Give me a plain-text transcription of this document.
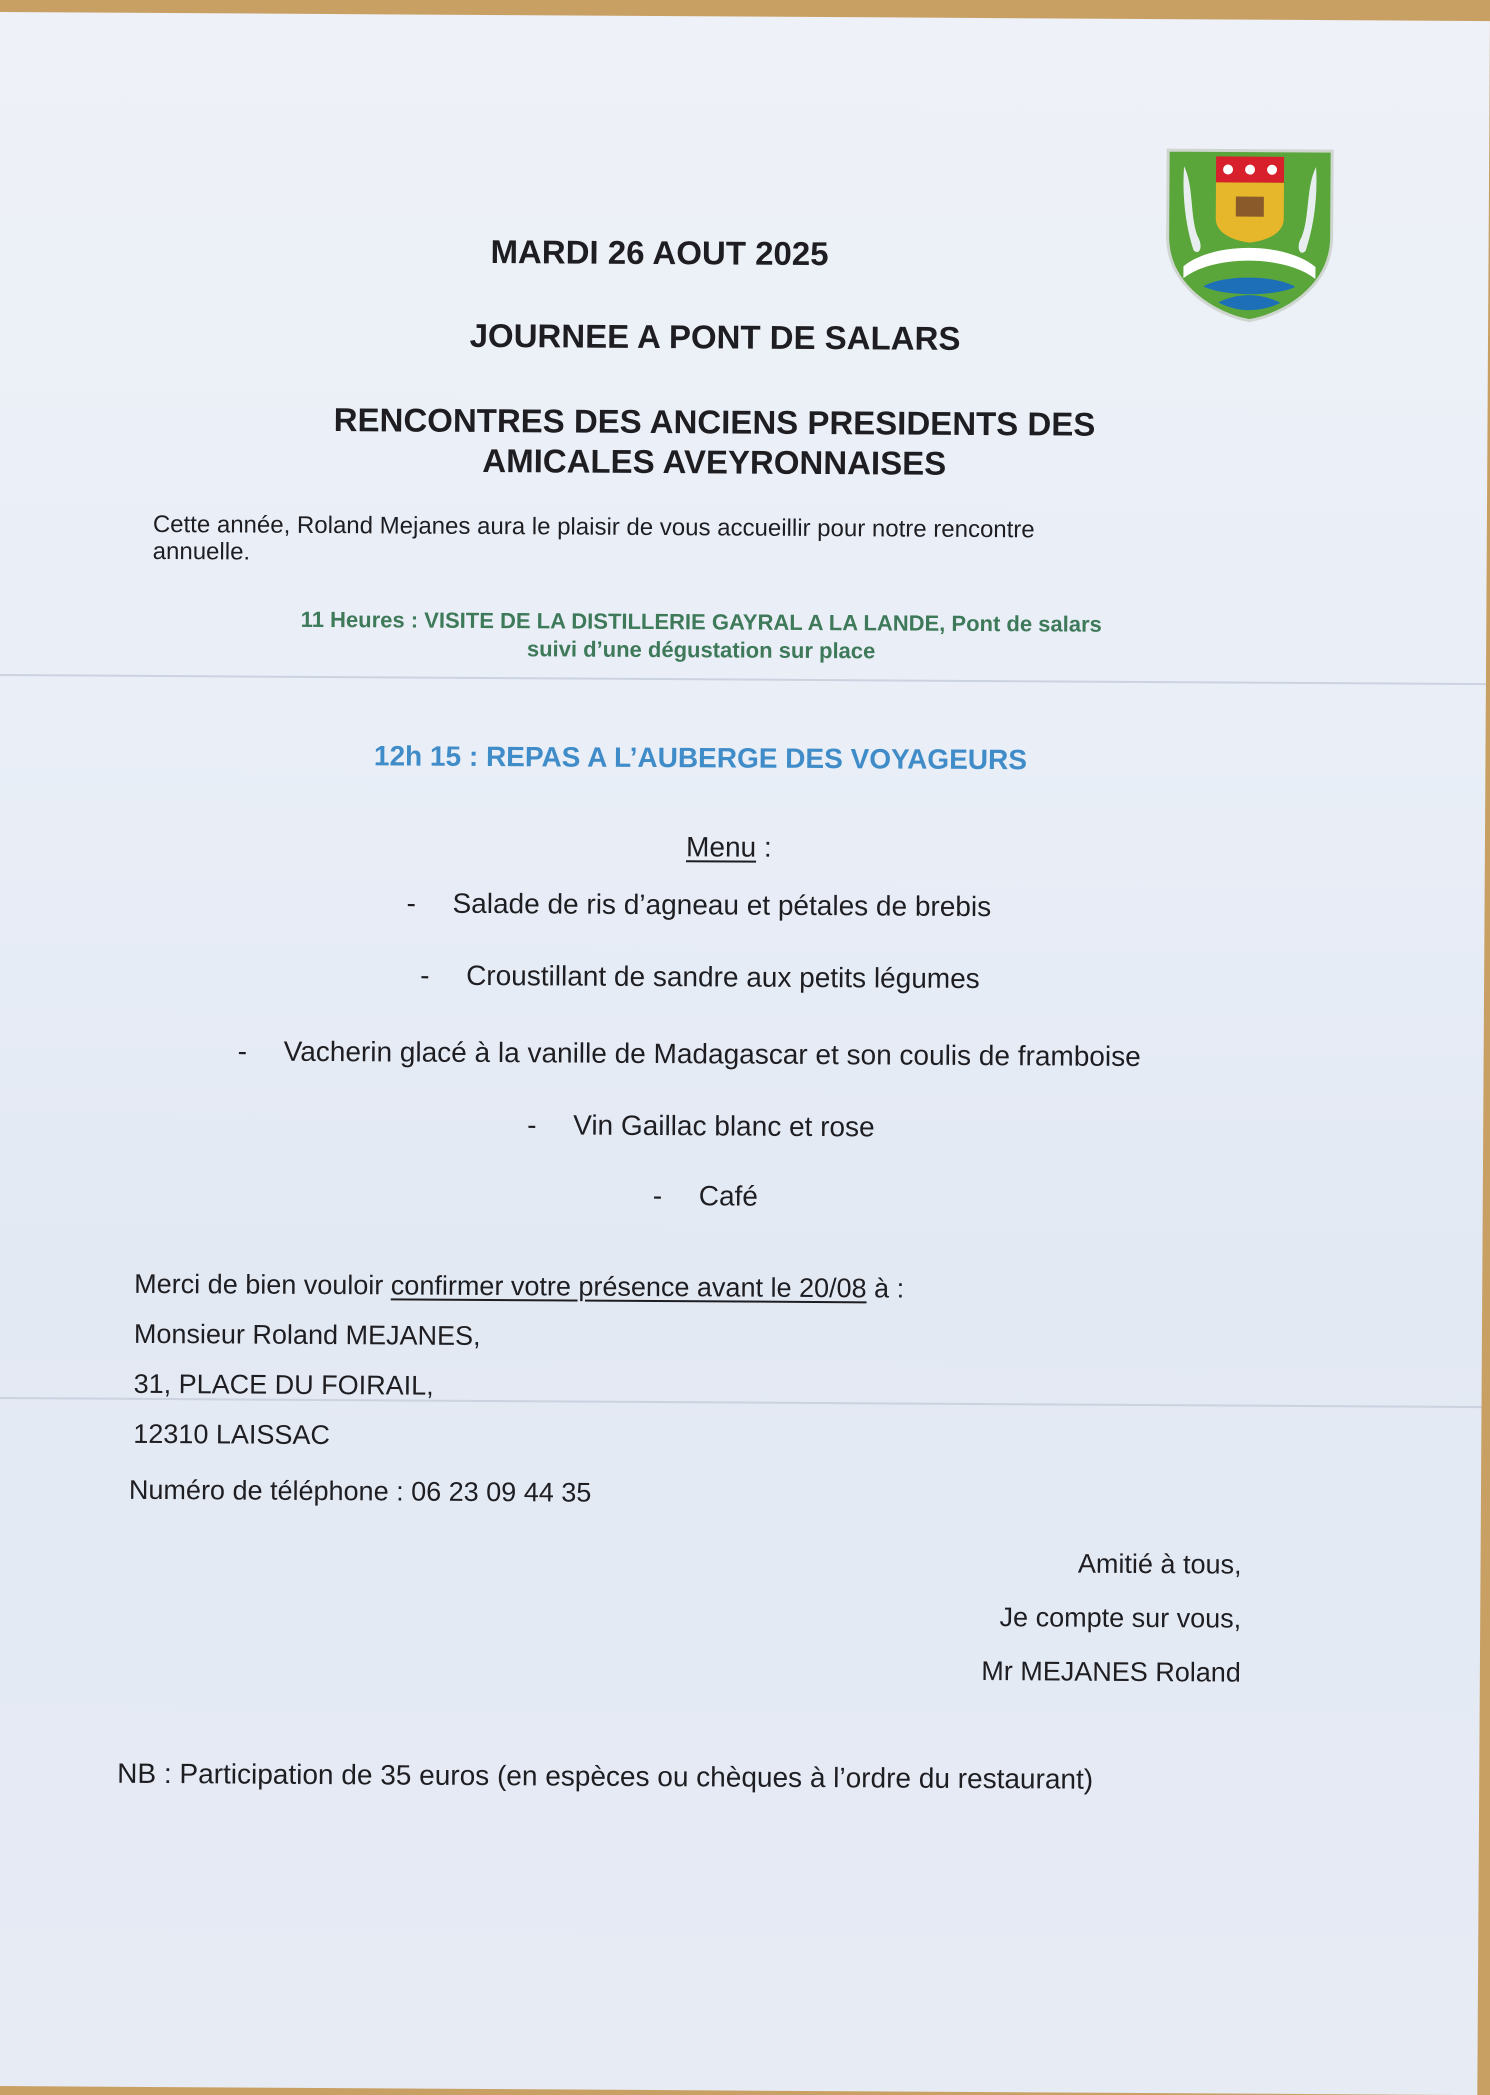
MARDI 26 AOUT 2025
JOURNEE A PONT DE SALARS
RENCONTRES DES ANCIENS PRESIDENTS DES
AMICALES AVEYRONNAISES
Cette année, Roland Mejanes aura le plaisir de vous accueillir pour notre rencontre
annuelle.
11 Heures : VISITE DE LA DISTILLERIE GAYRAL A LA LANDE, Pont de salars
suivi d’une dégustation sur place
12h 15 : REPAS A L’AUBERGE DES VOYAGEURS
Menu :
- Salade de ris d’agneau et pétales de brebis
- Croustillant de sandre aux petits légumes
- Vacherin glacé à la vanille de Madagascar et son coulis de framboise
- Vin Gaillac blanc et rose
- Café
Merci de bien vouloir confirmer votre présence avant le 20/08 à :
Monsieur Roland MEJANES,
31, PLACE DU FOIRAIL,
12310 LAISSAC
Numéro de téléphone : 06 23 09 44 35
Amitié à tous,
Je compte sur vous,
Mr MEJANES Roland
NB : Participation de 35 euros (en espèces ou chèques à l’ordre du restaurant)
